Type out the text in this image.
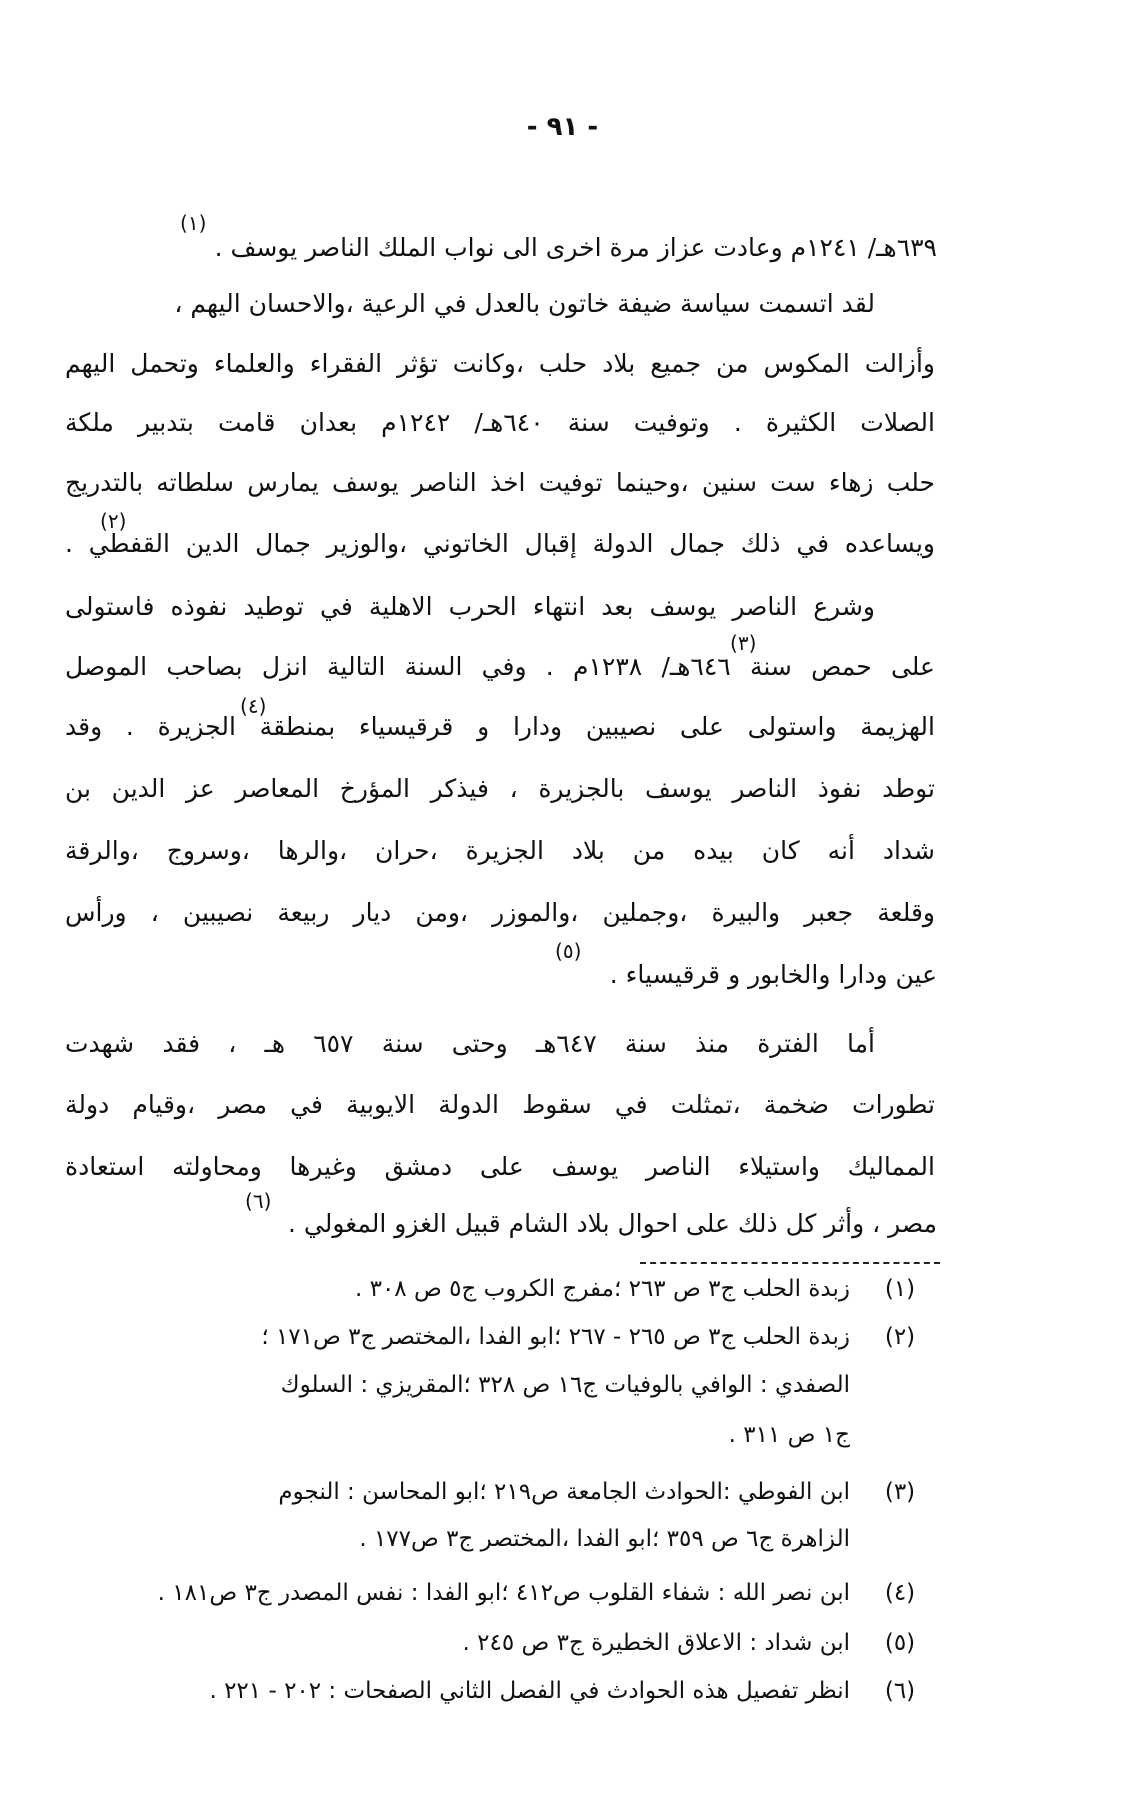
- ٩١ -
٦٣٩هـ/ ١٢٤١م وعادت عزاز مرة اخرى الى نواب الملك الناصر يوسف .
لقد اتسمت سياسة ضيفة خاتون بالعدل في الرعية ،والاحسان اليهم ،
وأزالت المكوس من جميع بلاد حلب ،وكانت تؤثر الفقراء والعلماء وتحمل اليهم
الصلات الكثيرة . وتوفيت سنة ٦٤٠هـ/ ١٢٤٢م بعدان قامت بتدبير ملكة
حلب زهاء ست سنين ،وحينما توفيت اخذ الناصر يوسف يمارس سلطاته بالتدريج
ويساعده في ذلك جمال الدولة إقبال الخاتوني ،والوزير جمال الدين القفطي .
وشرع الناصر يوسف بعد انتهاء الحرب الاهلية في توطيد نفوذه فاستولى
على حمص سنة ٦٤٦هـ/ ١٢٣٨م . وفي السنة التالية انزل بصاحب الموصل
الهزيمة واستولى على نصيبين ودارا و قرقيسياء بمنطقة الجزيرة . وقد
توطد نفوذ الناصر يوسف بالجزيرة ، فيذكر المؤرخ المعاصر عز الدين بن
شداد أنه كان بيده من بلاد الجزيرة ،حران ،والرها ،وسروج ،والرقة
وقلعة جعبر والبيرة ،وجملين ،والموزر ،ومن ديار ربيعة نصيبين ، ورأس
عين ودارا والخابور و قرقيسياء .
أما الفترة منذ سنة ٦٤٧هـ وحتى سنة ٦٥٧ هـ ، فقد شهدت
تطورات ضخمة ،تمثلت في سقوط الدولة الايوبية في مصر ،وقيام دولة
المماليك واستيلاء الناصر يوسف على دمشق وغيرها ومحاولته استعادة
مصر ، وأثر كل ذلك على احوال بلاد الشام قبيل الغزو المغولي .
(١)
(٢)
(٣)
(٤)
(٥)
(٦)
(١)
زبدة الحلب ج٣ ص ٢٦٣ ؛مفرج الكروب ج٥ ص ٣٠٨ .
(٢)
زبدة الحلب ج٣ ص ٢٦٥ - ٢٦٧ ؛ابو الفدا ،المختصر ج٣ ص١٧١ ؛
الصفدي : الوافي بالوفيات ج١٦ ص ٣٢٨ ؛المقريزي : السلوك
ج١ ص ٣١١ .
(٣)
ابن الفوطي :الحوادث الجامعة ص٢١٩ ؛ابو المحاسن : النجوم
الزاهرة ج٦ ص ٣٥٩ ؛ابو الفدا ،المختصر ج٣ ص١٧٧ .
(٤)
ابن نصر الله : شفاء القلوب ص٤١٢ ؛ابو الفدا : نفس المصدر ج٣ ص١٨١ .
(٥)
ابن شداد : الاعلاق الخطيرة ج٣ ص ٢٤٥ .
(٦)
انظر تفصيل هذه الحوادث في الفصل الثاني الصفحات : ٢٠٢ - ٢٢١ .
